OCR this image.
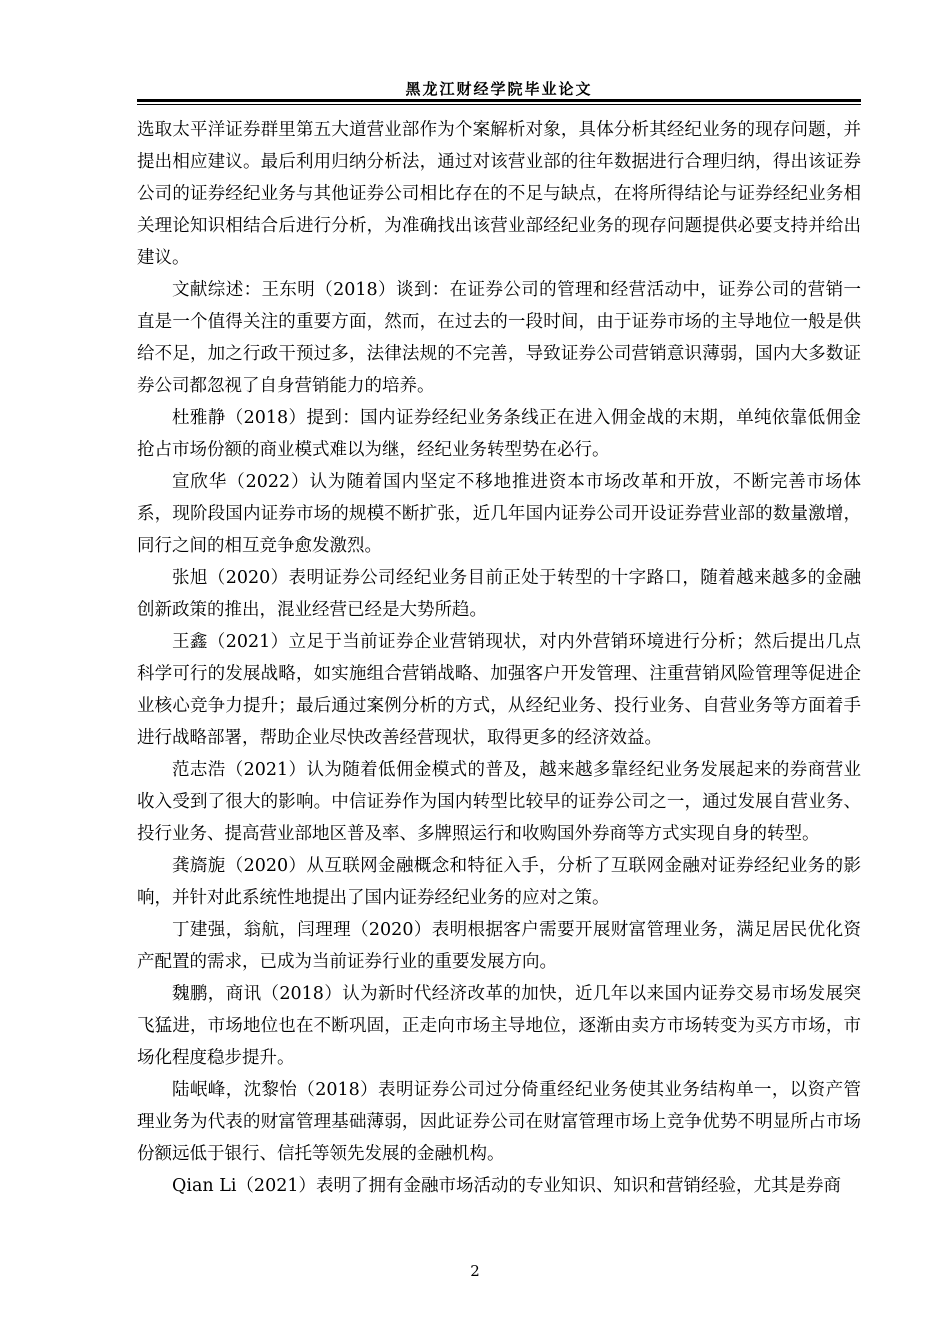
黑龙江财经学院毕业论文

选取太平洋证券群里第五大道营业部作为个案解析对象，具体分析其经纪业务的现存问题，并提出相应建议。最后利用归纳分析法，通过对该营业部的往年数据进行合理归纳，得出该证券公司的证券经纪业务与其他证券公司相比存在的不足与缺点，在将所得结论与证券经纪业务相关理论知识相结合后进行分析，为准确找出该营业部经纪业务的现存问题提供必要支持并给出建议。

文献综述：王东明（2018）谈到：在证券公司的管理和经营活动中，证券公司的营销一直是一个值得关注的重要方面，然而，在过去的一段时间，由于证券市场的主导地位一般是供给不足，加之行政干预过多，法律法规的不完善，导致证券公司营销意识薄弱，国内大多数证券公司都忽视了自身营销能力的培养。

杜雅静（2018）提到：国内证券经纪业务条线正在进入佣金战的末期，单纯依靠低佣金抢占市场份额的商业模式难以为继，经纪业务转型势在必行。

宣欣华（2022）认为随着国内坚定不移地推进资本市场改革和开放，不断完善市场体系，现阶段国内证券市场的规模不断扩张，近几年国内证券公司开设证券营业部的数量激增，同行之间的相互竞争愈发激烈。

张旭（2020）表明证券公司经纪业务目前正处于转型的十字路口，随着越来越多的金融创新政策的推出，混业经营已经是大势所趋。

王鑫（2021）立足于当前证券企业营销现状，对内外营销环境进行分析；然后提出几点科学可行的发展战略，如实施组合营销战略、加强客户开发管理、注重营销风险管理等促进企业核心竞争力提升；最后通过案例分析的方式，从经纪业务、投行业务、自营业务等方面着手进行战略部署，帮助企业尽快改善经营现状，取得更多的经济效益。

范志浩（2021）认为随着低佣金模式的普及，越来越多靠经纪业务发展起来的券商营业收入受到了很大的影响。中信证券作为国内转型比较早的证券公司之一，通过发展自营业务、投行业务、提高营业部地区普及率、多牌照运行和收购国外券商等方式实现自身的转型。

龚旖旎（2020）从互联网金融概念和特征入手，分析了互联网金融对证券经纪业务的影响，并针对此系统性地提出了国内证券经纪业务的应对之策。

丁建强，翁航，闫理理（2020）表明根据客户需要开展财富管理业务，满足居民优化资产配置的需求，已成为当前证券行业的重要发展方向。

魏鹏，商讯（2018）认为新时代经济改革的加快，近几年以来国内证券交易市场发展突飞猛进，市场地位也在不断巩固，正走向市场主导地位，逐渐由卖方市场转变为买方市场，市场化程度稳步提升。

陆岷峰，沈黎怡（2018）表明证券公司过分倚重经纪业务使其业务结构单一，以资产管理业务为代表的财富管理基础薄弱，因此证券公司在财富管理市场上竞争优势不明显所占市场份额远低于银行、信托等领先发展的金融机构。

Qian Li（2021）表明了拥有金融市场活动的专业知识、知识和营销经验，尤其是券商

2
